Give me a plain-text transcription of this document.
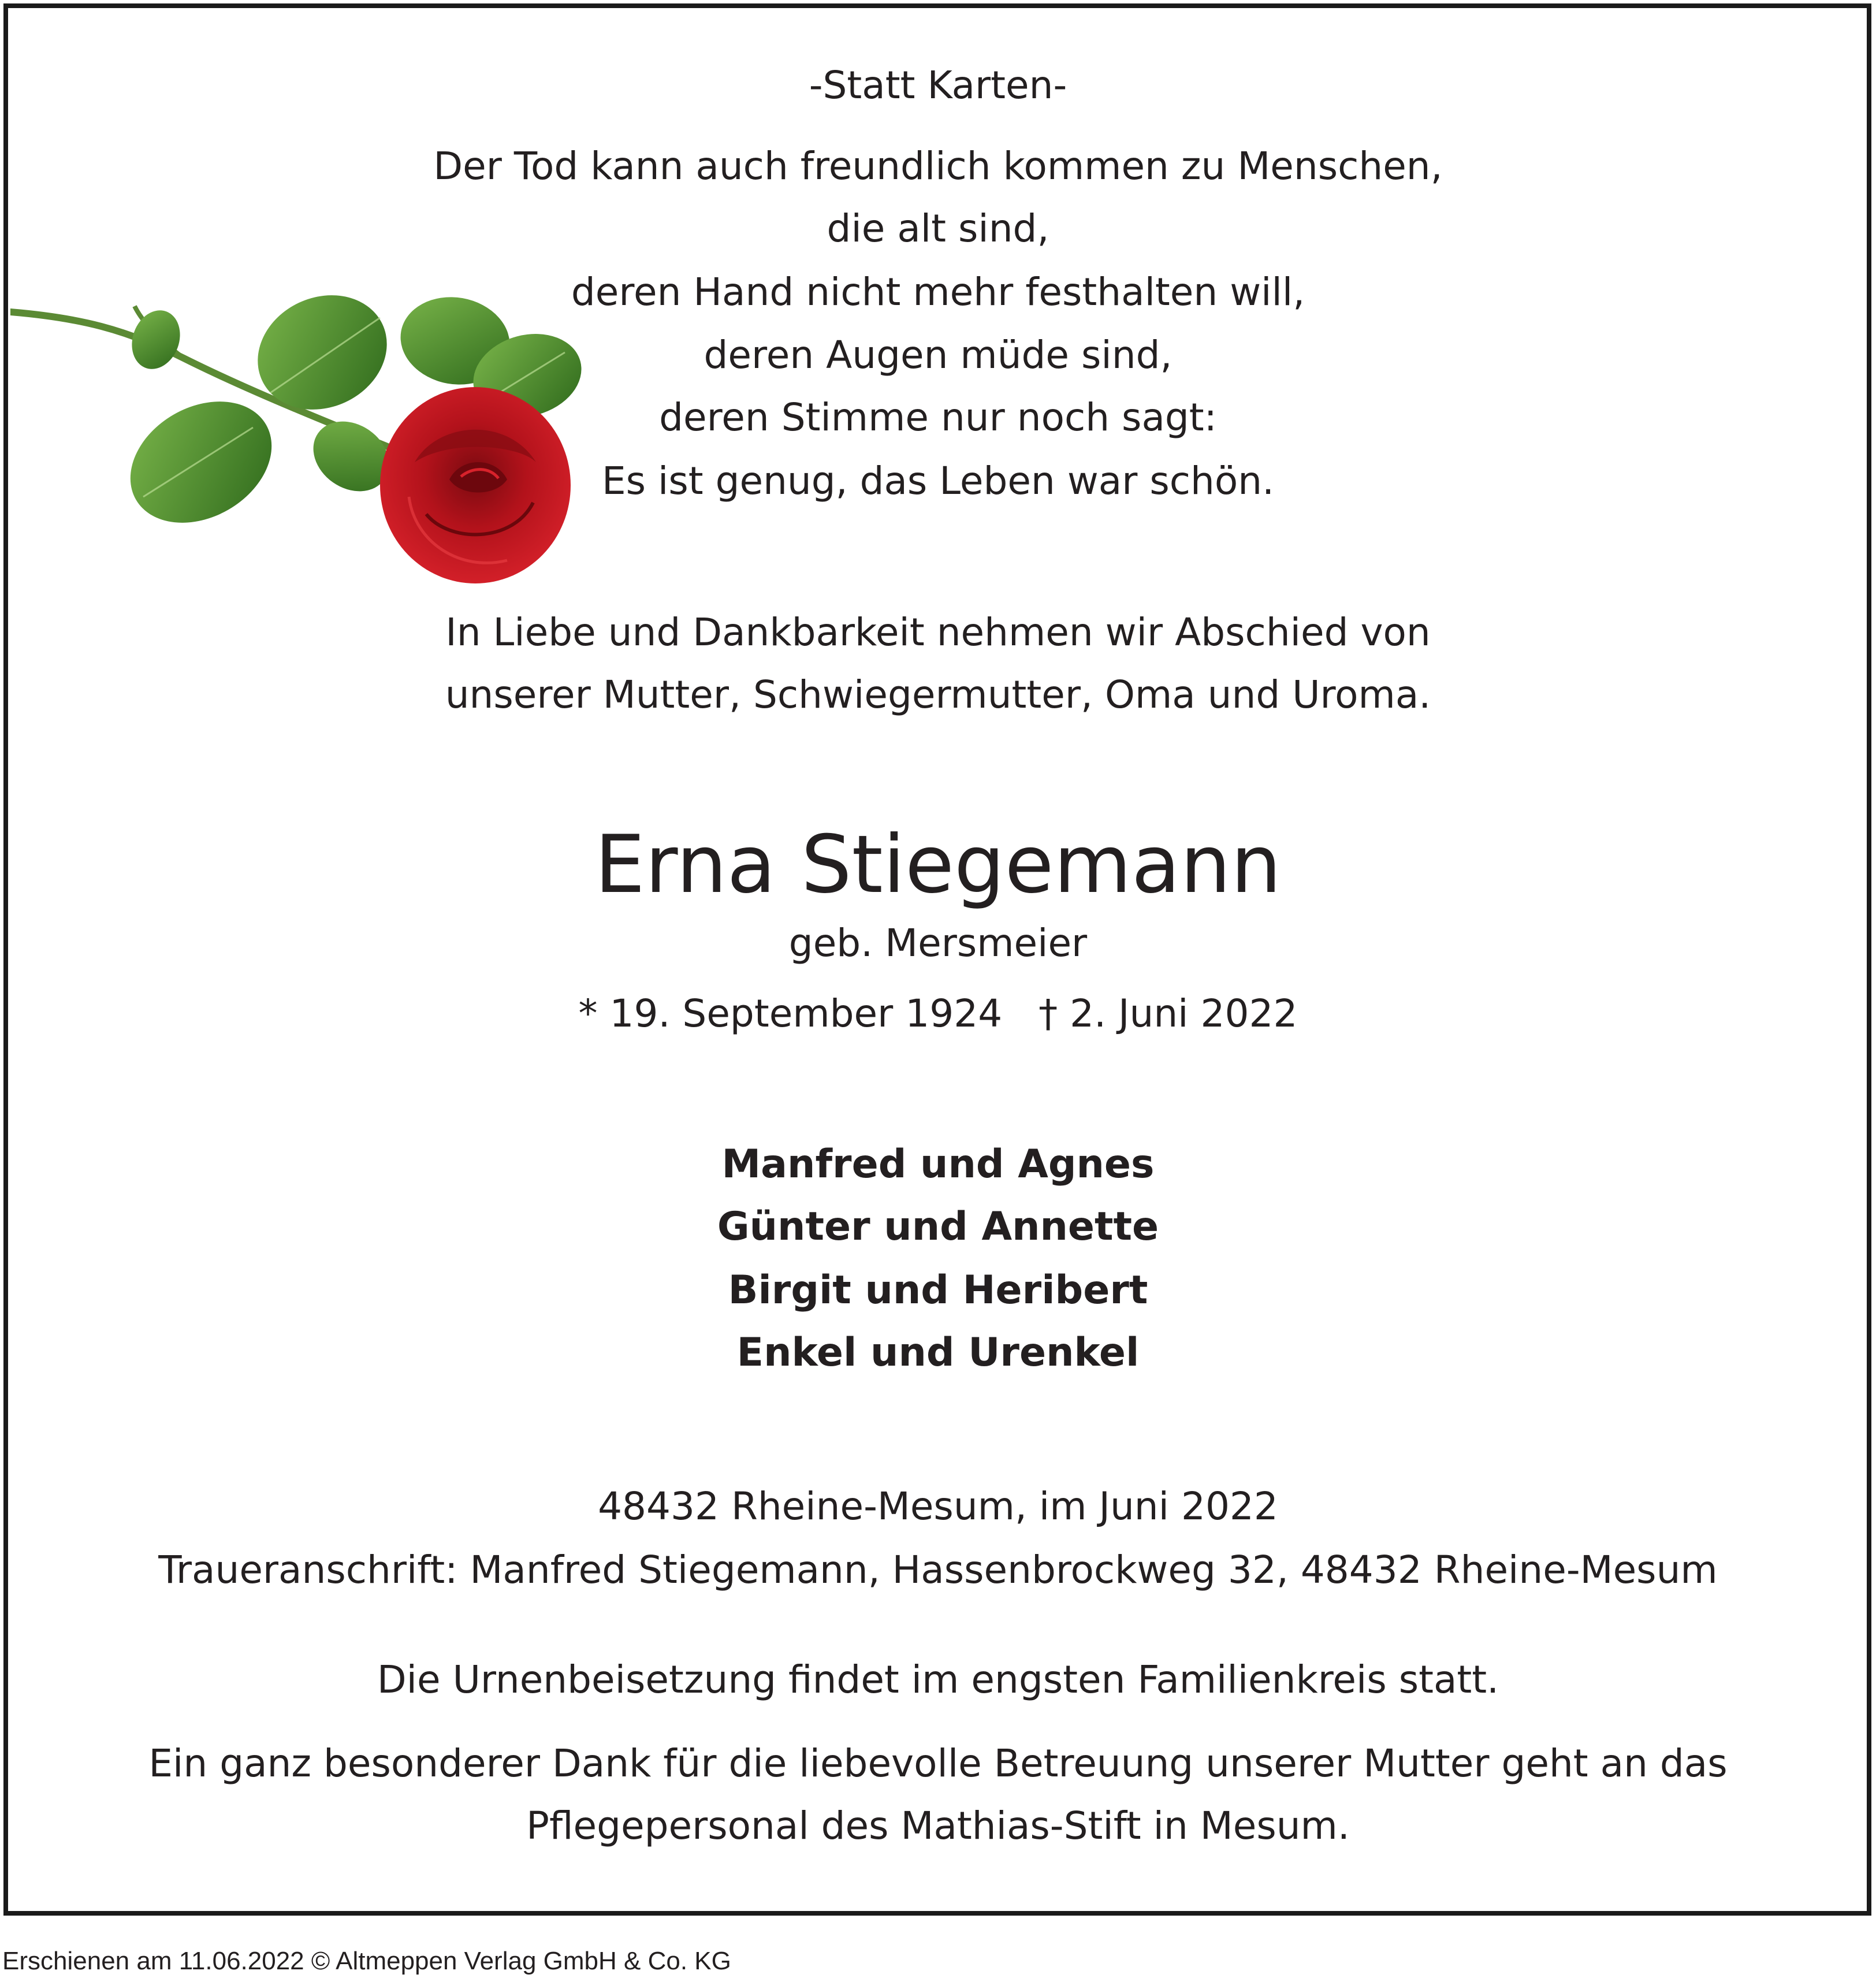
-Statt Karten-
Der Tod kann auch freundlich kommen zu Menschen,
die alt sind,
deren Hand nicht mehr festhalten will,
deren Augen müde sind,
deren Stimme nur noch sagt:
Es ist genug, das Leben war schön.
In Liebe und Dankbarkeit nehmen wir Abschied von
unserer Mutter, Schwiegermutter, Oma und Uroma.
Erna Stiegemann
geb. Mersmeier
* 19. September 1924   † 2. Juni 2022
Manfred und Agnes
Günter und Annette
Birgit und Heribert
Enkel und Urenkel
48432 Rheine-Mesum, im Juni 2022
Traueranschrift: Manfred Stiegemann, Hassenbrockweg 32, 48432 Rheine-Mesum
Die Urnenbeisetzung findet im engsten Familienkreis statt.
Ein ganz besonderer Dank für die liebevolle Betreuung unserer Mutter geht an das
Pflegepersonal des Mathias-Stift in Mesum.
Erschienen am 11.06.2022 © Altmeppen Verlag GmbH & Co. KG
